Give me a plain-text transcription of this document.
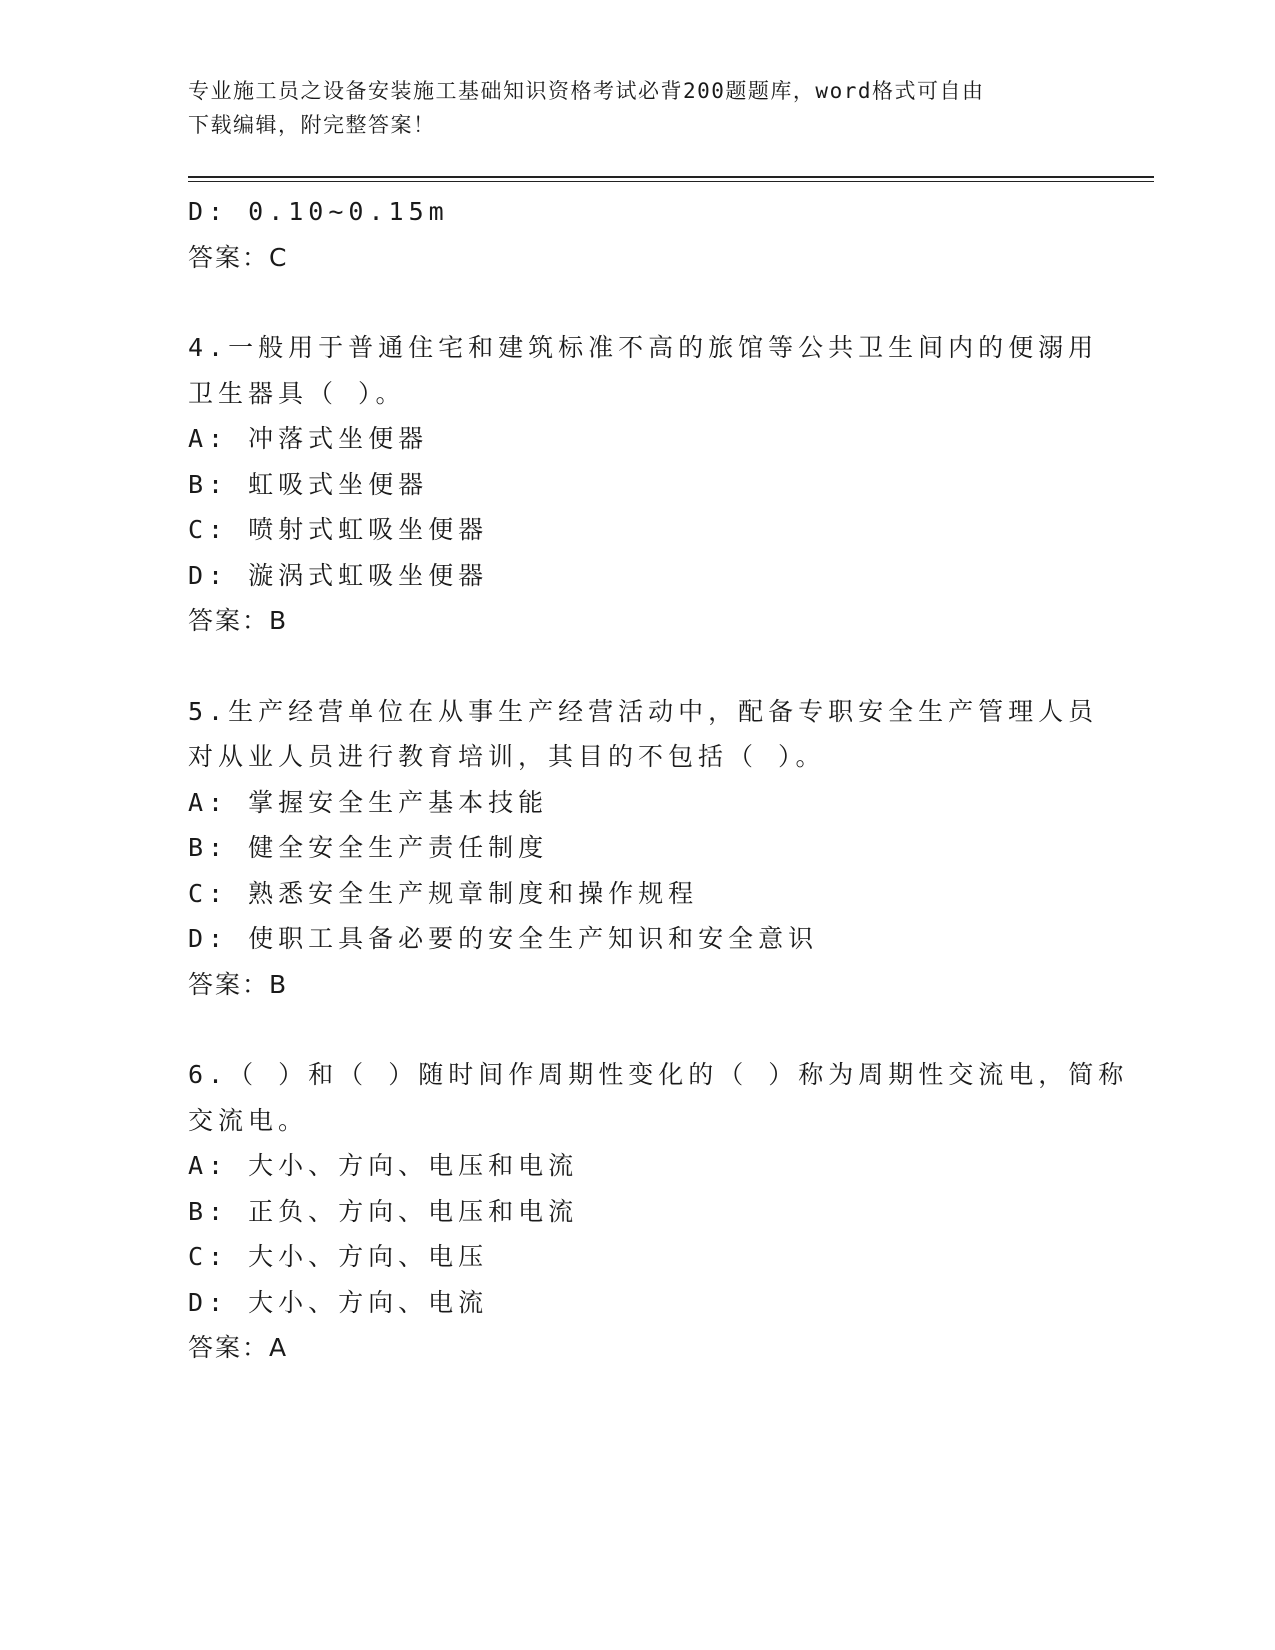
专业施工员之设备安装施工基础知识资格考试必背200题题库，word格式可自由
下载编辑，附完整答案！
D: 0.10~0.15m
答案：C
4.一般用于普通住宅和建筑标准不高的旅馆等公共卫生间内的便溺用
卫生器具（ ）。
A: 冲落式坐便器
B: 虹吸式坐便器
C: 喷射式虹吸坐便器
D: 漩涡式虹吸坐便器
答案：B
5.生产经营单位在从事生产经营活动中，配备专职安全生产管理人员
对从业人员进行教育培训，其目的不包括（ ）。
A: 掌握安全生产基本技能
B: 健全安全生产责任制度
C: 熟悉安全生产规章制度和操作规程
D: 使职工具备必要的安全生产知识和安全意识
答案：B
6.（ ）和（ ）随时间作周期性变化的（ ）称为周期性交流电，简称
交流电。
A: 大小、方向、电压和电流
B: 正负、方向、电压和电流
C: 大小、方向、电压
D: 大小、方向、电流
答案：A
